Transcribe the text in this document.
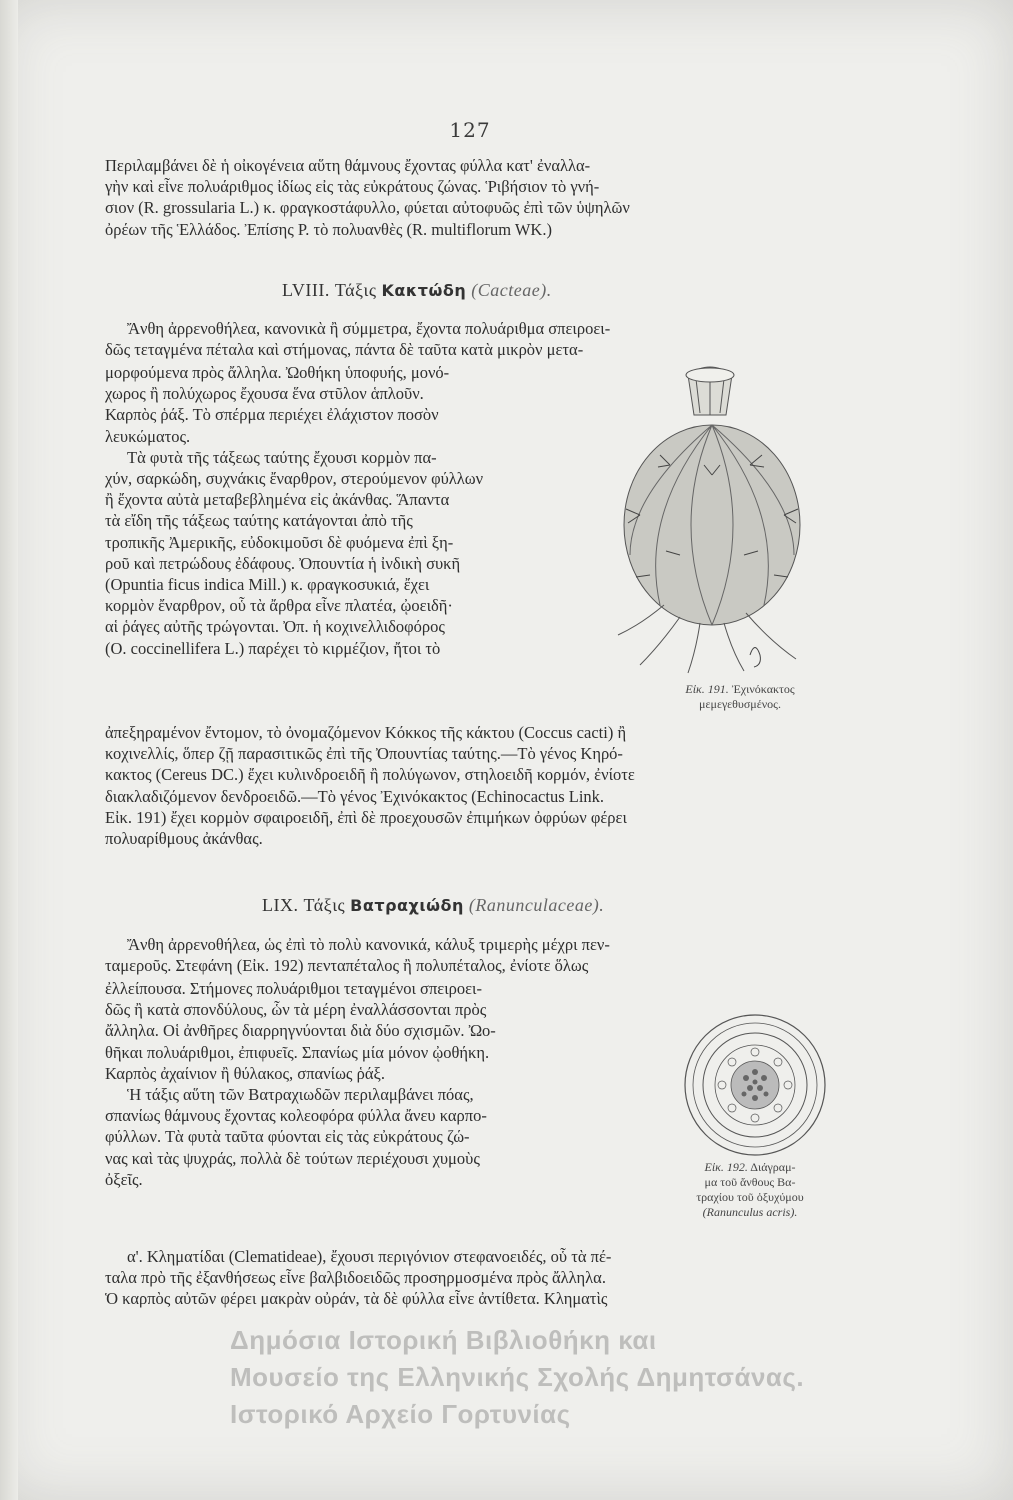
127

Περιλαμβάνει δὲ ἡ οἰκογένεια αὕτη θάμνους ἔχοντας φύλλα κατ' ἐναλλα-

γὴν καὶ εἶνε πολυάριθμος ἰδίως εἰς τὰς εὐκράτους ζώνας. Ῥιβήσιον τὸ γνή-

σιον (R. grossularia L.) κ. φραγκοστάφυλλο, φύεται αὐτοφυῶς ἐπὶ τῶν ὑψηλῶν

ὀρέων τῆς Ἑλλάδος. Ἐπίσης Ρ. τὸ πολυανθὲς (R. multiflorum WK.)

LVIII. Τάξις Κακτώδη (Cacteae).

Ἄνθη ἀρρενοθήλεα, κανονικὰ ἢ σύμμετρα, ἔχοντα πολυάριθμα σπειροει-

δῶς τεταγμένα πέταλα καὶ στήμονας, πάντα δὲ ταῦτα κατὰ μικρὸν μετα-

μορφούμενα πρὸς ἄλληλα. Ὠοθήκη ὑποφυής, μονό-

χωρος ἢ πολύχωρος ἔχουσα ἕνα στῦλον ἁπλοῦν.

Καρπὸς ῥάξ. Τὸ σπέρμα περιέχει ἐλάχιστον ποσὸν

λευκώματος.

Τὰ φυτὰ τῆς τάξεως ταύτης ἔχουσι κορμὸν πα-

χύν, σαρκώδη, συχνάκις ἔναρθρον, στερούμενον φύλλων

ἢ ἔχοντα αὐτὰ μεταβεβλημένα εἰς ἀκάνθας. Ἅπαντα

τὰ εἴδη τῆς τάξεως ταύτης κατάγονται ἀπὸ τῆς

τροπικῆς Ἀμερικῆς, εὐδοκιμοῦσι δὲ φυόμενα ἐπὶ ξη-

ροῦ καὶ πετρώδους ἐδάφους. Ὀπουντία ἡ ἰνδικὴ συκῆ

(Opuntia ficus indica Mill.) κ. φραγκοσυκιά, ἔχει

κορμὸν ἔναρθρον, οὗ τὰ ἄρθρα εἶνε πλατέα, ᾠοειδῆ·

αἱ ῥάγες αὐτῆς τρώγονται. Ὀπ. ἡ κοχινελλιδοφόρος

(O. coccinellifera L.) παρέχει τὸ κιρμέζιον, ἤτοι τὸ

Εἰκ. 191. Ἐχινόκακτος
μεμεγεθυσμένος.

ἀπεξηραμένον ἔντομον, τὸ ὀνομαζόμενον Κόκκος τῆς κάκτου (Coccus cacti) ἢ

κοχινελλίς, ὅπερ ζῇ παρασιτικῶς ἐπὶ τῆς Ὀπουντίας ταύτης.—Τὸ γένος Κηρό-

κακτος (Cereus DC.) ἔχει κυλινδροειδῆ ἢ πολύγωνον, στηλοειδῆ κορμόν, ἐνίοτε

διακλαδιζόμενον δενδροειδῶ.—Τὸ γένος Ἐχινόκακτος (Echinocactus Link.

Εἰκ. 191) ἔχει κορμὸν σφαιροειδῆ, ἐπὶ δὲ προεχουσῶν ἐπιμήκων ὀφρύων φέρει

πολυαρίθμους ἀκάνθας.

LIX. Τάξις Βατραχιώδη (Ranunculaceae).

Ἄνθη ἀρρενοθήλεα, ὡς ἐπὶ τὸ πολὺ κανονικά, κάλυξ τριμερὴς μέχρι πεν-

ταμεροῦς. Στεφάνη (Εἰκ. 192) πενταπέταλος ἢ πολυπέταλος, ἐνίοτε ὅλως

ἐλλείπουσα. Στήμονες πολυάριθμοι τεταγμένοι σπειροει-

δῶς ἢ κατὰ σπονδύλους, ὧν τὰ μέρη ἐναλλάσσονται πρὸς

ἄλληλα. Οἱ ἀνθῆρες διαρρηγνύονται διὰ δύο σχισμῶν. Ὠο-

θῆκαι πολυάριθμοι, ἐπιφυεῖς. Σπανίως μία μόνον ᾠοθήκη.

Καρπὸς ἀχαίνιον ἢ θύλακος, σπανίως ῥάξ.

Ἡ τάξις αὕτη τῶν Βατραχιωδῶν περιλαμβάνει πόας,

σπανίως θάμνους ἔχοντας κολεοφόρα φύλλα ἄνευ καρπο-

φύλλων. Τὰ φυτὰ ταῦτα φύονται εἰς τὰς εὐκράτους ζώ-

νας καὶ τὰς ψυχράς, πολλὰ δὲ τούτων περιέχουσι χυμοὺς

ὀξεῖς.

Εἰκ. 192. Διάγραμ-
μα τοῦ ἄνθους Βα-
τραχίου τοῦ ὀξυχύμου
(Ranunculus acris).

α'. Κληματίδαι (Clematideae), ἔχουσι περιγόνιον στεφανοειδές, οὗ τὰ πέ-

ταλα πρὸ τῆς ἐξανθήσεως εἶνε βαλβιδοειδῶς προσηρμοσμένα πρὸς ἄλληλα.

Ὁ καρπὸς αὐτῶν φέρει μακρὰν οὐράν, τὰ δὲ φύλλα εἶνε ἀντίθετα. Κληματὶς

Δημόσια Ιστορική Βιβλιοθήκη και
Μουσείο της Ελληνικής Σχολής Δημητσάνας.
Ιστορικό Αρχείο Γορτυνίας
